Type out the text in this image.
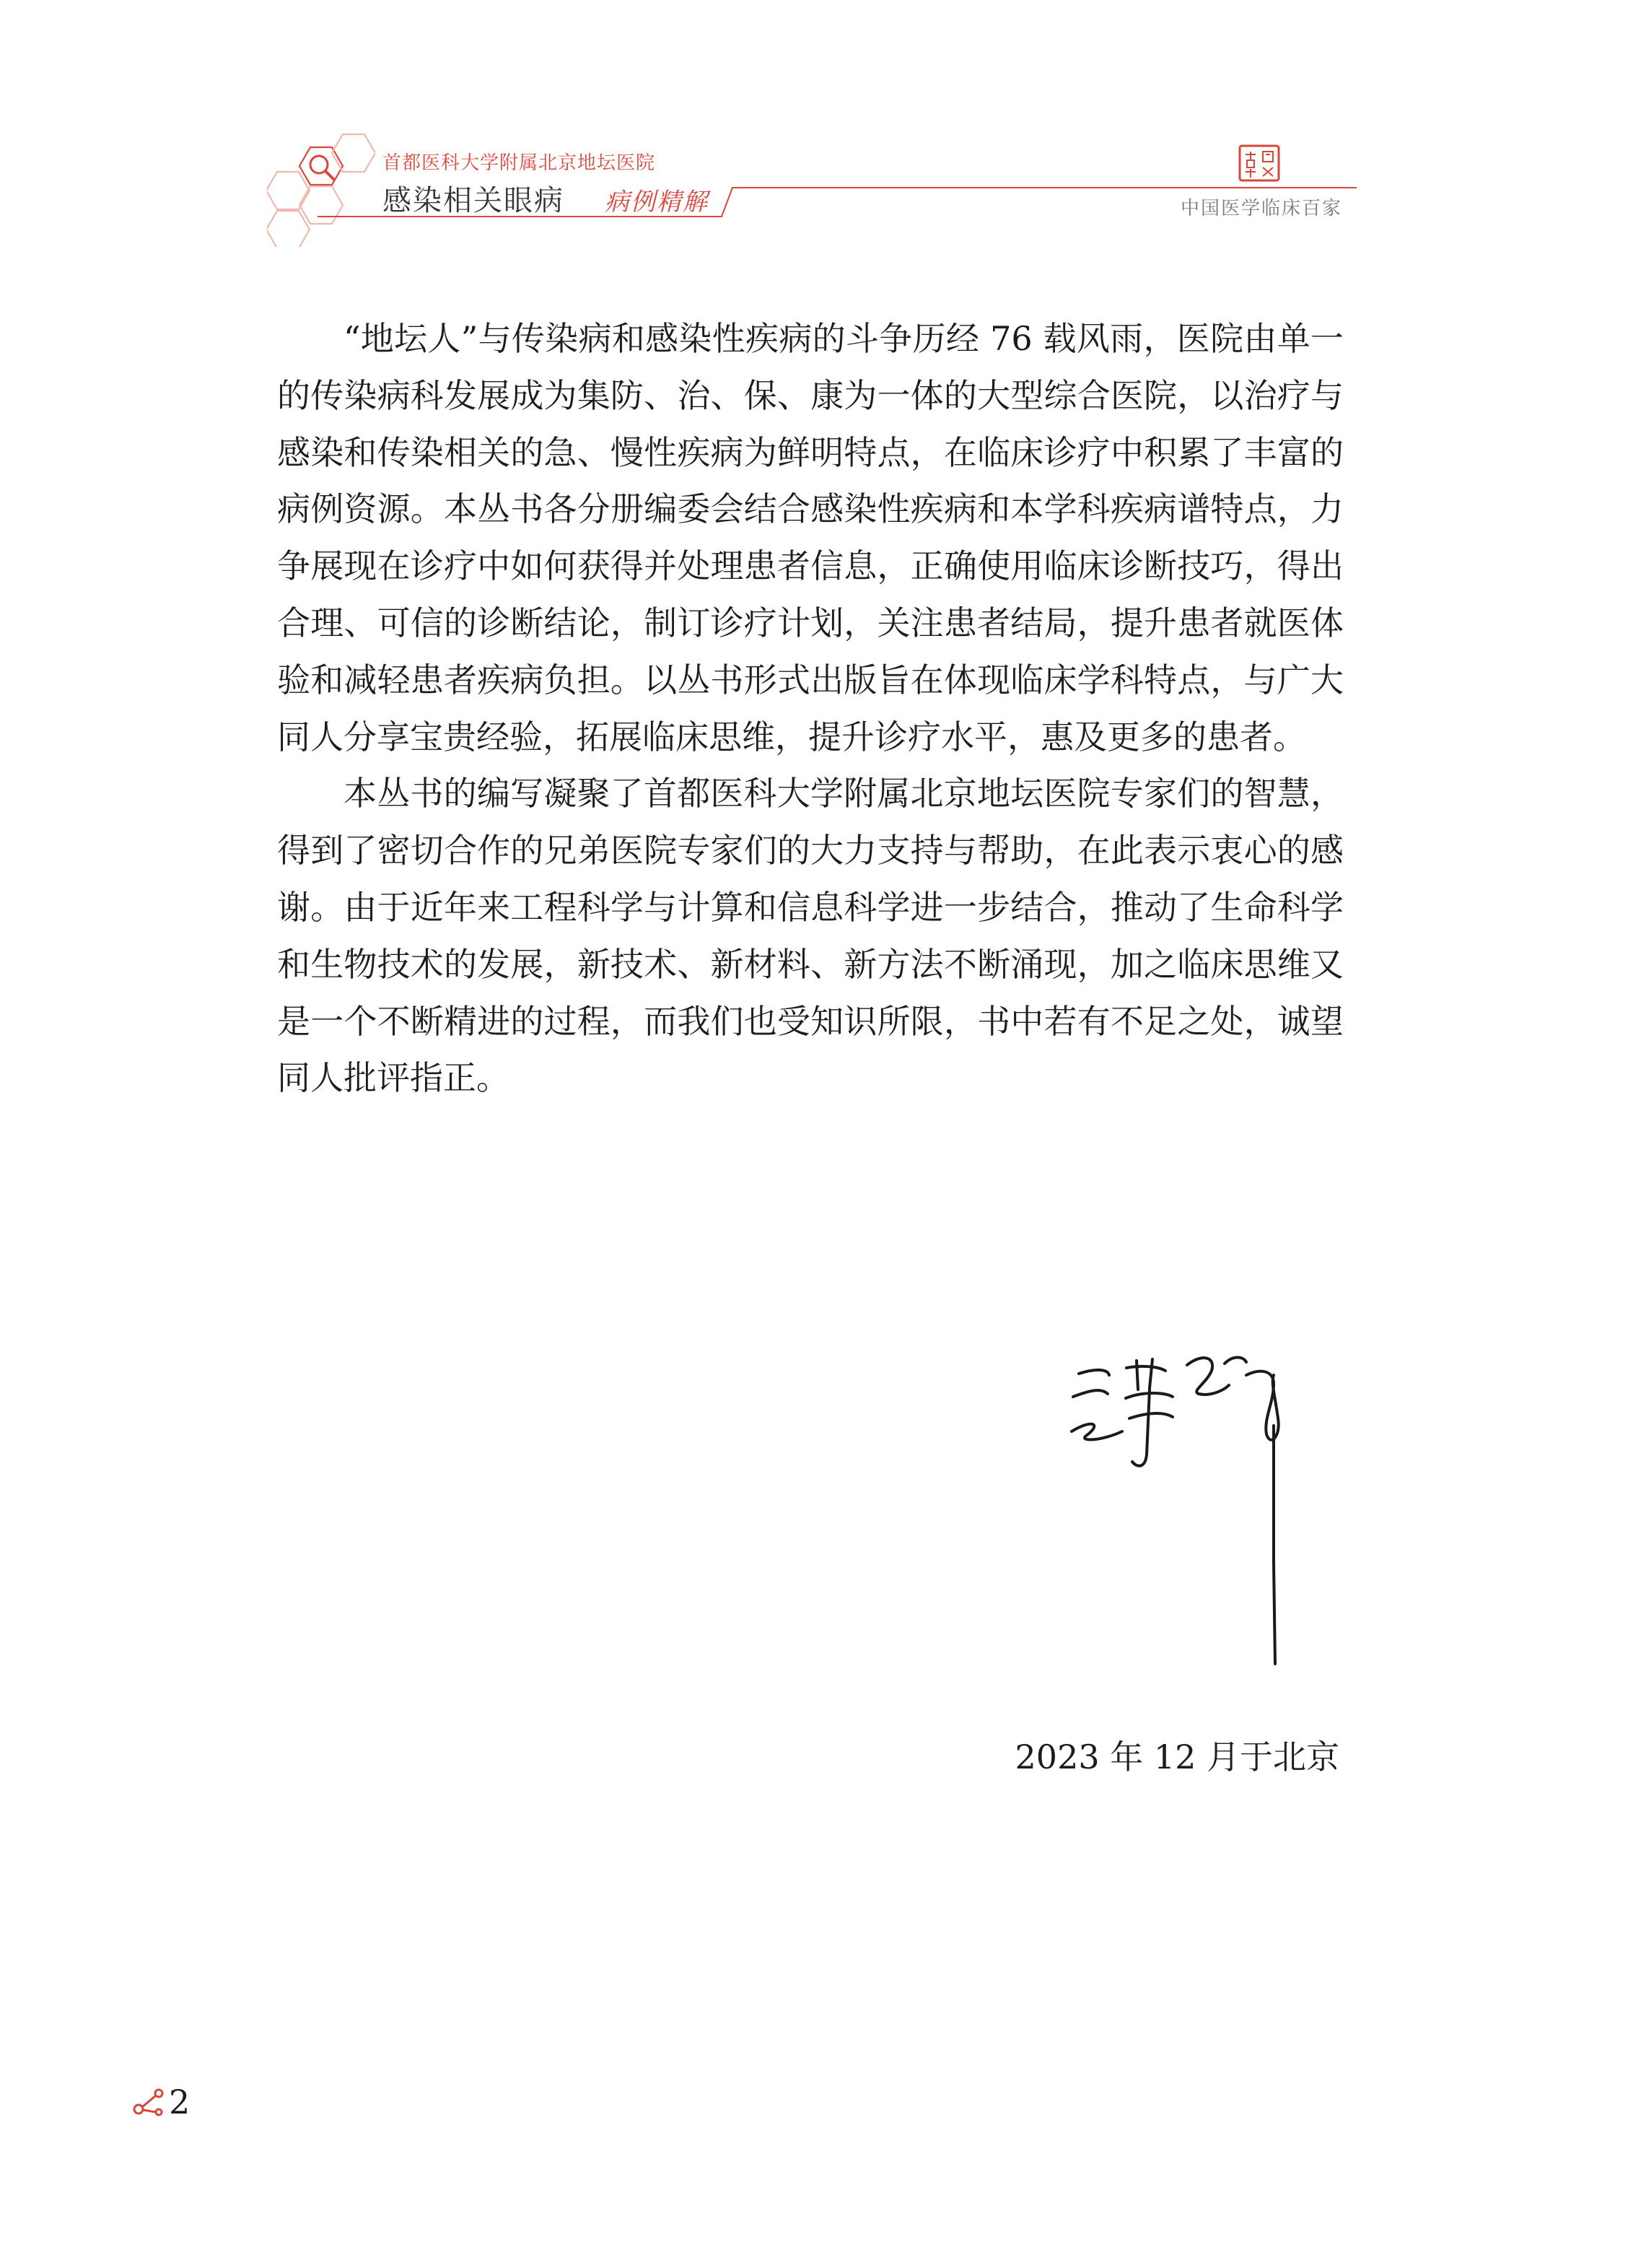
首都医科大学附属北京地坛医院
感染相关眼病 病例精解	中国医学临床百家

“地坛人”与传染病和感染性疾病的斗争历经 76 载风雨，医院由单一的传染病科发展成为集防、治、保、康为一体的大型综合医院，以治疗与感染和传染相关的急、慢性疾病为鲜明特点，在临床诊疗中积累了丰富的病例资源。本丛书各分册编委会结合感染性疾病和本学科疾病谱特点，力争展现在诊疗中如何获得并处理患者信息，正确使用临床诊断技巧，得出合理、可信的诊断结论，制订诊疗计划，关注患者结局，提升患者就医体验和减轻患者疾病负担。以丛书形式出版旨在体现临床学科特点，与广大同人分享宝贵经验，拓展临床思维，提升诊疗水平，惠及更多的患者。

本丛书的编写凝聚了首都医科大学附属北京地坛医院专家们的智慧，得到了密切合作的兄弟医院专家们的大力支持与帮助，在此表示衷心的感谢。由于近年来工程科学与计算和信息科学进一步结合，推动了生命科学和生物技术的发展，新技术、新材料、新方法不断涌现，加之临床思维又是一个不断精进的过程，而我们也受知识所限，书中若有不足之处，诚望同人批评指正。

2023 年 12 月于北京
2
